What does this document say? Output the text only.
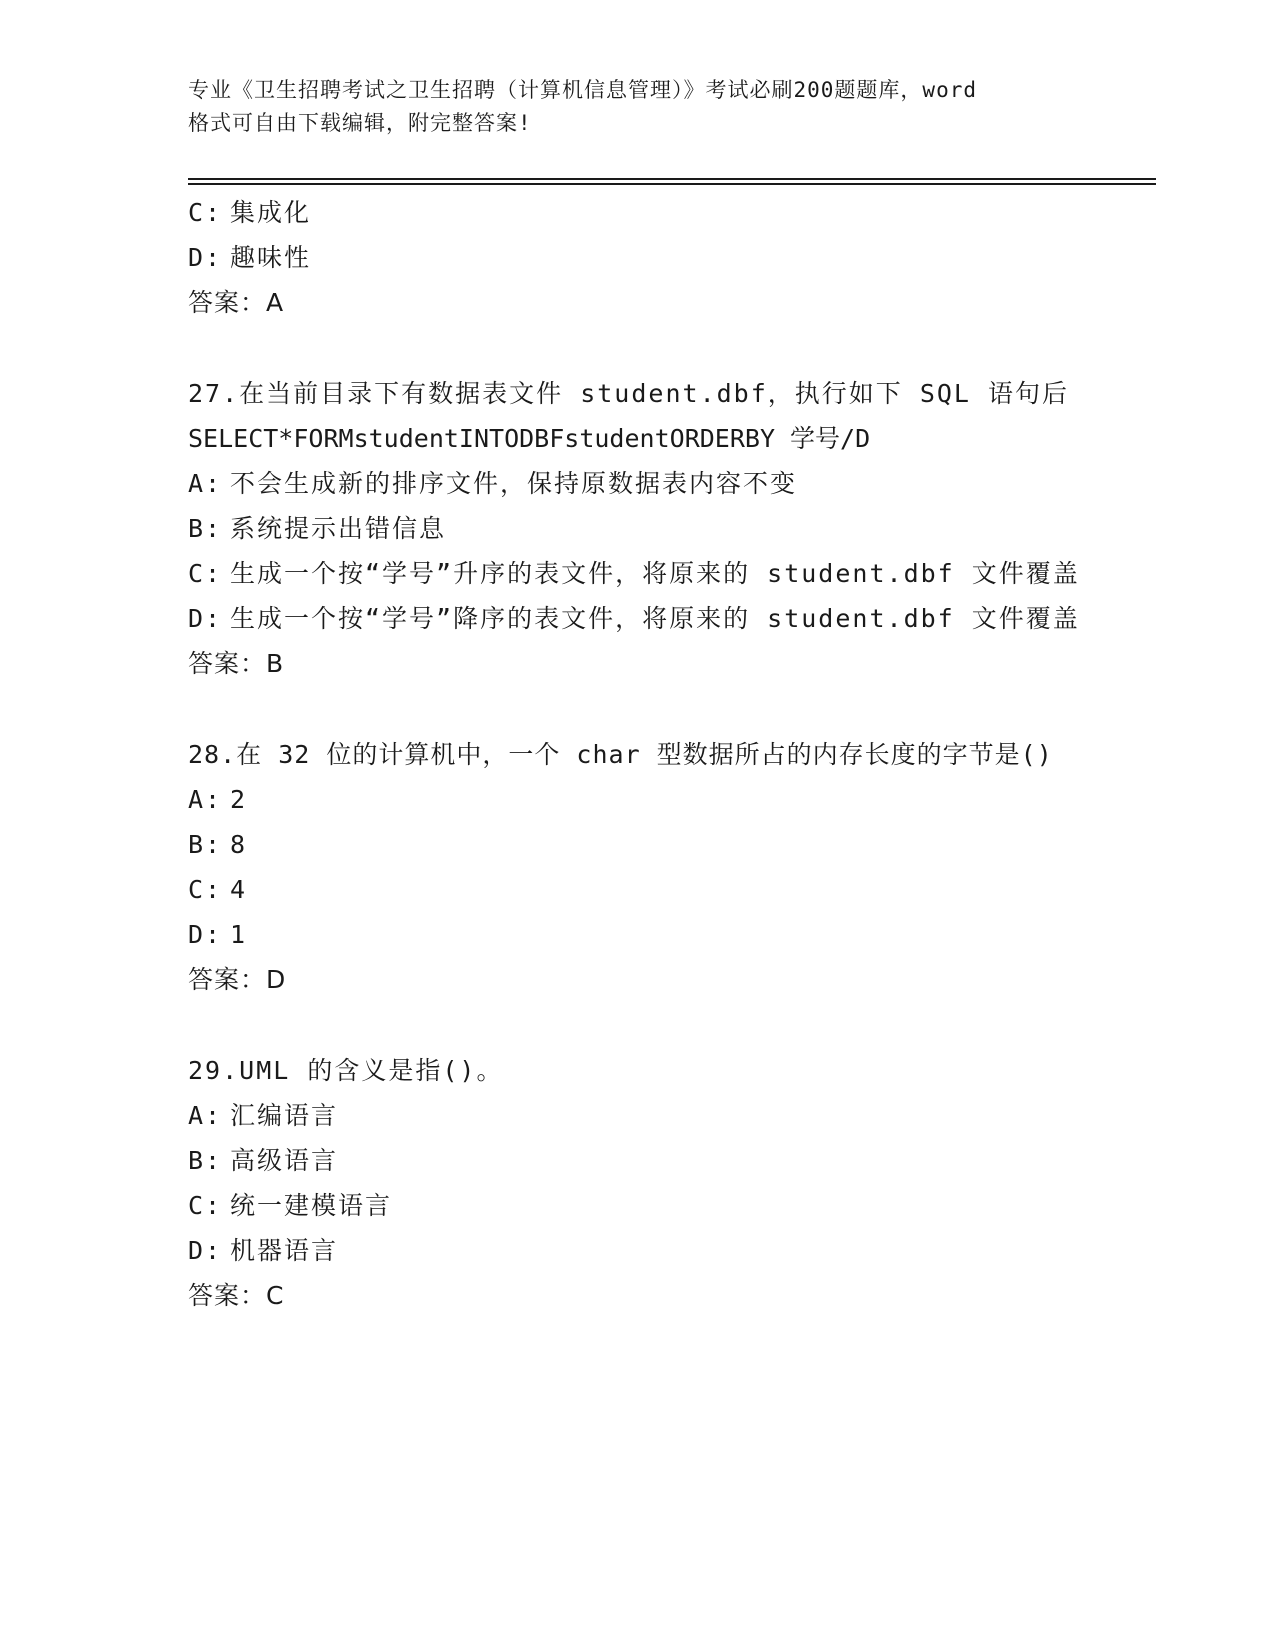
专业《卫生招聘考试之卫生招聘（计算机信息管理）》考试必刷200题题库，word
格式可自由下载编辑，附完整答案!
C: 集成化
D: 趣味性
答案：A
27.在当前目录下有数据表文件 student.dbf，执行如下 SQL 语句后
SELECT*FORMstudentINTODBFstudentORDERBY 学号/D
A: 不会生成新的排序文件，保持原数据表内容不变
B: 系统提示出错信息
C: 生成一个按“学号”升序的表文件，将原来的 student.dbf 文件覆盖
D: 生成一个按“学号”降序的表文件，将原来的 student.dbf 文件覆盖
答案：B
28.在 32 位的计算机中，一个 char 型数据所占的内存长度的字节是()
A: 2
B: 8
C: 4
D: 1
答案：D
29.UML 的含义是指()。
A: 汇编语言
B: 高级语言
C: 统一建模语言
D: 机器语言
答案：C
